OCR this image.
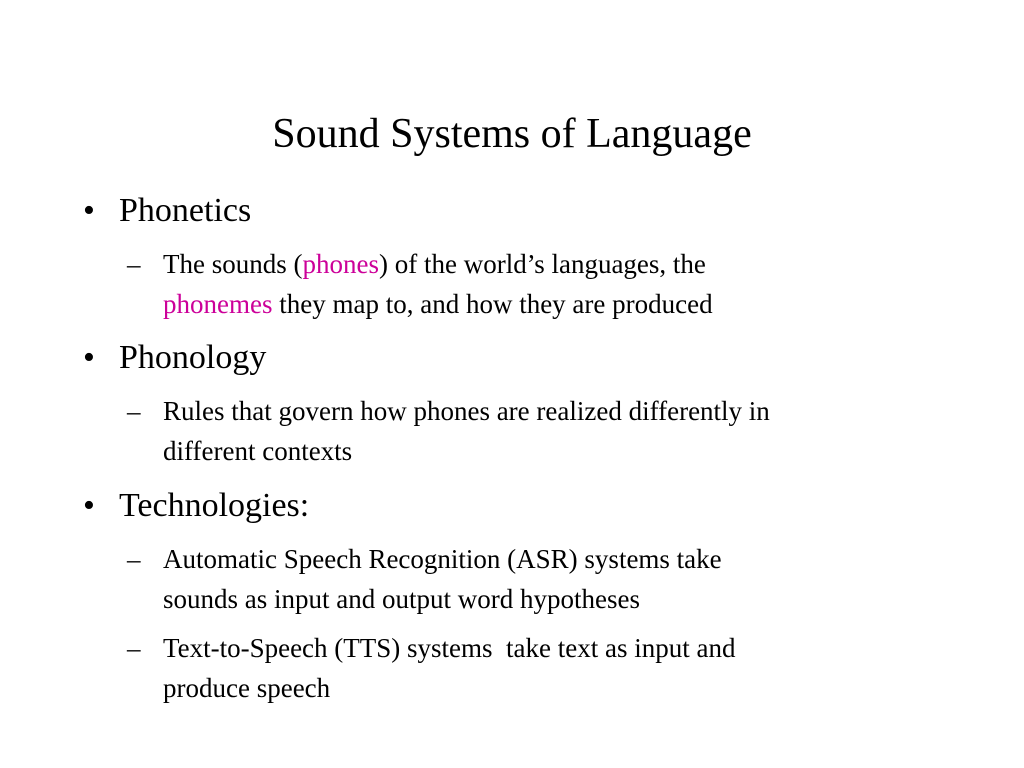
Sound Systems of Language
• Phonetics
– The sounds (phones) of the world’s languages, the
phonemes they map to, and how they are produced
• Phonology
– Rules that govern how phones are realized differently in
different contexts
• Technologies:
– Automatic Speech Recognition (ASR) systems take
sounds as input and output word hypotheses
– Text-to-Speech (TTS) systems  take text as input and
produce speech
